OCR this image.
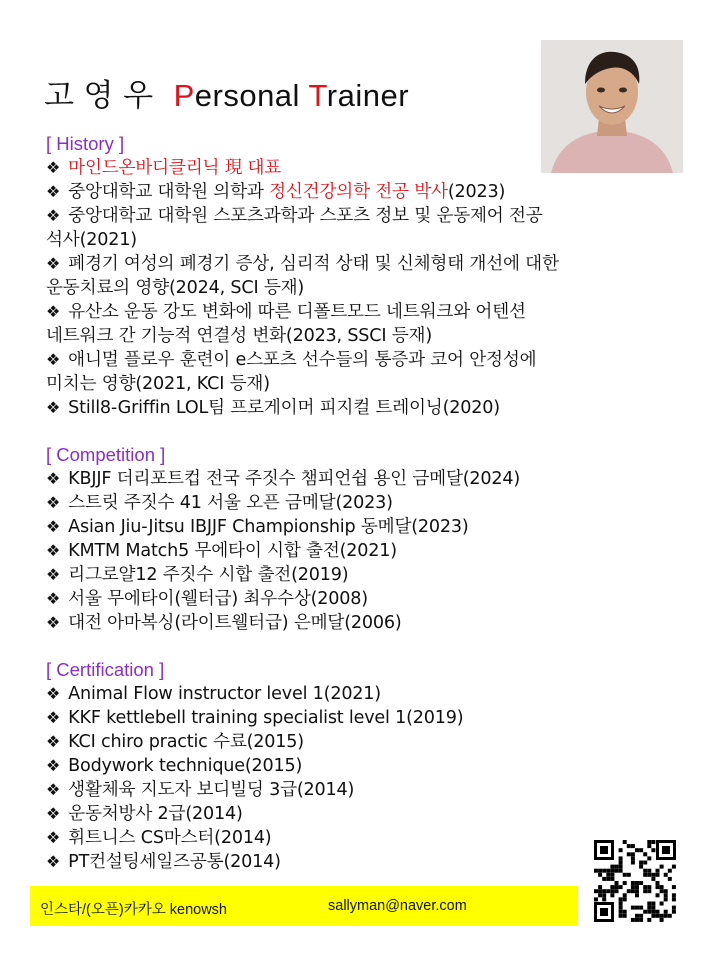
고 영 우 Personal Trainer
[ History ]
❖ 마인드온바디클리닉 現 대표
❖ 중앙대학교 대학원 의학과 정신건강의학 전공 박사(2023)
❖ 중앙대학교 대학원 스포츠과학과 스포츠 정보 및 운동제어 전공
석사(2021)
❖ 폐경기 여성의 폐경기 증상, 심리적 상태 및 신체형태 개선에 대한
운동치료의 영향(2024, SCI 등재)
❖ 유산소 운동 강도 변화에 따른 디폴트모드 네트워크와 어텐션
네트워크 간 기능적 연결성 변화(2023, SSCI 등재)
❖ 애니멀 플로우 훈련이 e스포츠 선수들의 통증과 코어 안정성에
미치는 영향(2021, KCI 등재)
❖ Still8-Griffin LOL팀 프로게이머 피지컬 트레이닝(2020)
[ Competition ]
❖ KBJJF 더리포트컵 전국 주짓수 챔피언쉽 용인 금메달(2024)
❖ 스트릿 주짓수 41 서울 오픈 금메달(2023)
❖ Asian Jiu-Jitsu IBJJF Championship 동메달(2023)
❖ KMTM Match5 무에타이 시합 출전(2021)
❖ 리그로얄12 주짓수 시합 출전(2019)
❖ 서울 무에타이(웰터급) 최우수상(2008)
❖ 대전 아마복싱(라이트웰터급) 은메달(2006)
[ Certification ]
❖ Animal Flow instructor level 1(2021)
❖ KKF kettlebell training specialist level 1(2019)
❖ KCI chiro practic 수료(2015)
❖ Bodywork technique(2015)
❖ 생활체육 지도자 보디빌딩 3급(2014)
❖ 운동처방사 2급(2014)
❖ 휘트니스 CS마스터(2014)
❖ PT컨설팅세일즈공통(2014)
인스타/(오픈)카카오 kenowsh	sallyman@naver.com
